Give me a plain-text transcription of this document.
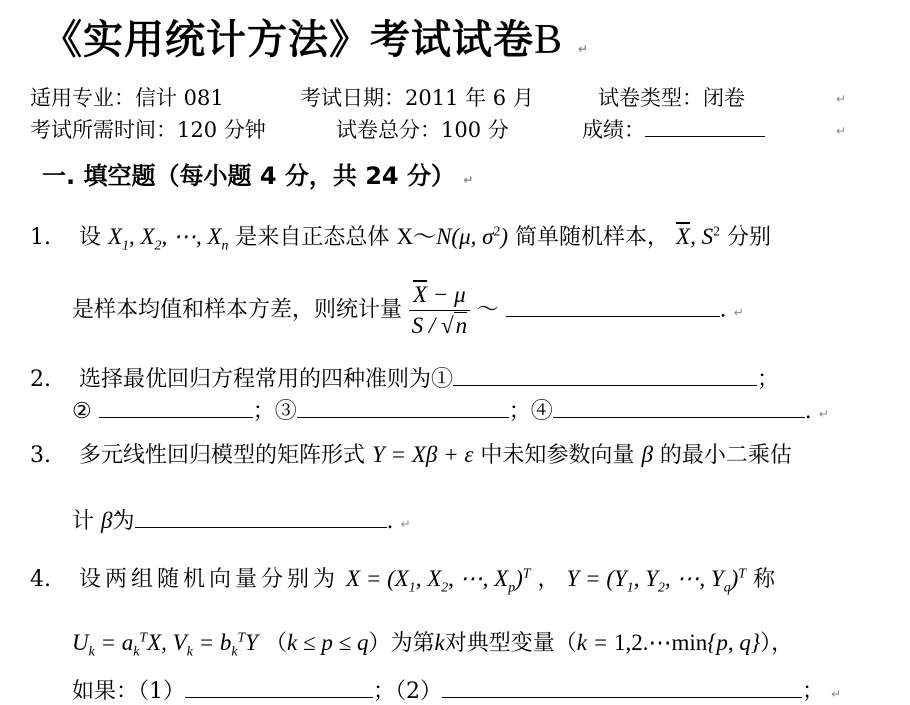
《实用统计方法》考试试卷B ↵
适用专业：信计 081	考试日期：2011 年 6 月	试卷类型：闭卷	↵
考试所需时间：120 分钟	试卷总分：100 分	成绩：	↵
一. 填空题（每小题 4 分，共 24 分） ↵
1. 设 $X_1$, $X_2$, ⋯, $X_n$ 是来自正态总体 X～N(μ, $\sigma^2$) 简单随机样本， $\overline{X}$, $S^2$ 分别
是样本均值和样本方差，则统计量 $\frac{\overline{X} - \mu}{S / √n}$ ～	. ↵
2. 选择最优回归方程常用的四种准则为①	；
②	；③	；④	. ↵
3. 多元线性回归模型的矩阵形式 Y = Xβ + ε 中未知参数向量 β 的最小二乘估
计 β̂为	. ↵
4. 设两组随机向量分别为 $X = (X_1$, $X_2$, ⋯, $X_p)^T$ ， $Y = (Y_1$, $Y_2$, ⋯, $Y_q)^T$ 称
$U_k = a_k^TX$, $V_k = b_k^TY$ （k ≤ p ≤ q）为第k对典型变量（k = 1,2.⋯min{p, q}），
如果：（1）	；（2）	； ↵
